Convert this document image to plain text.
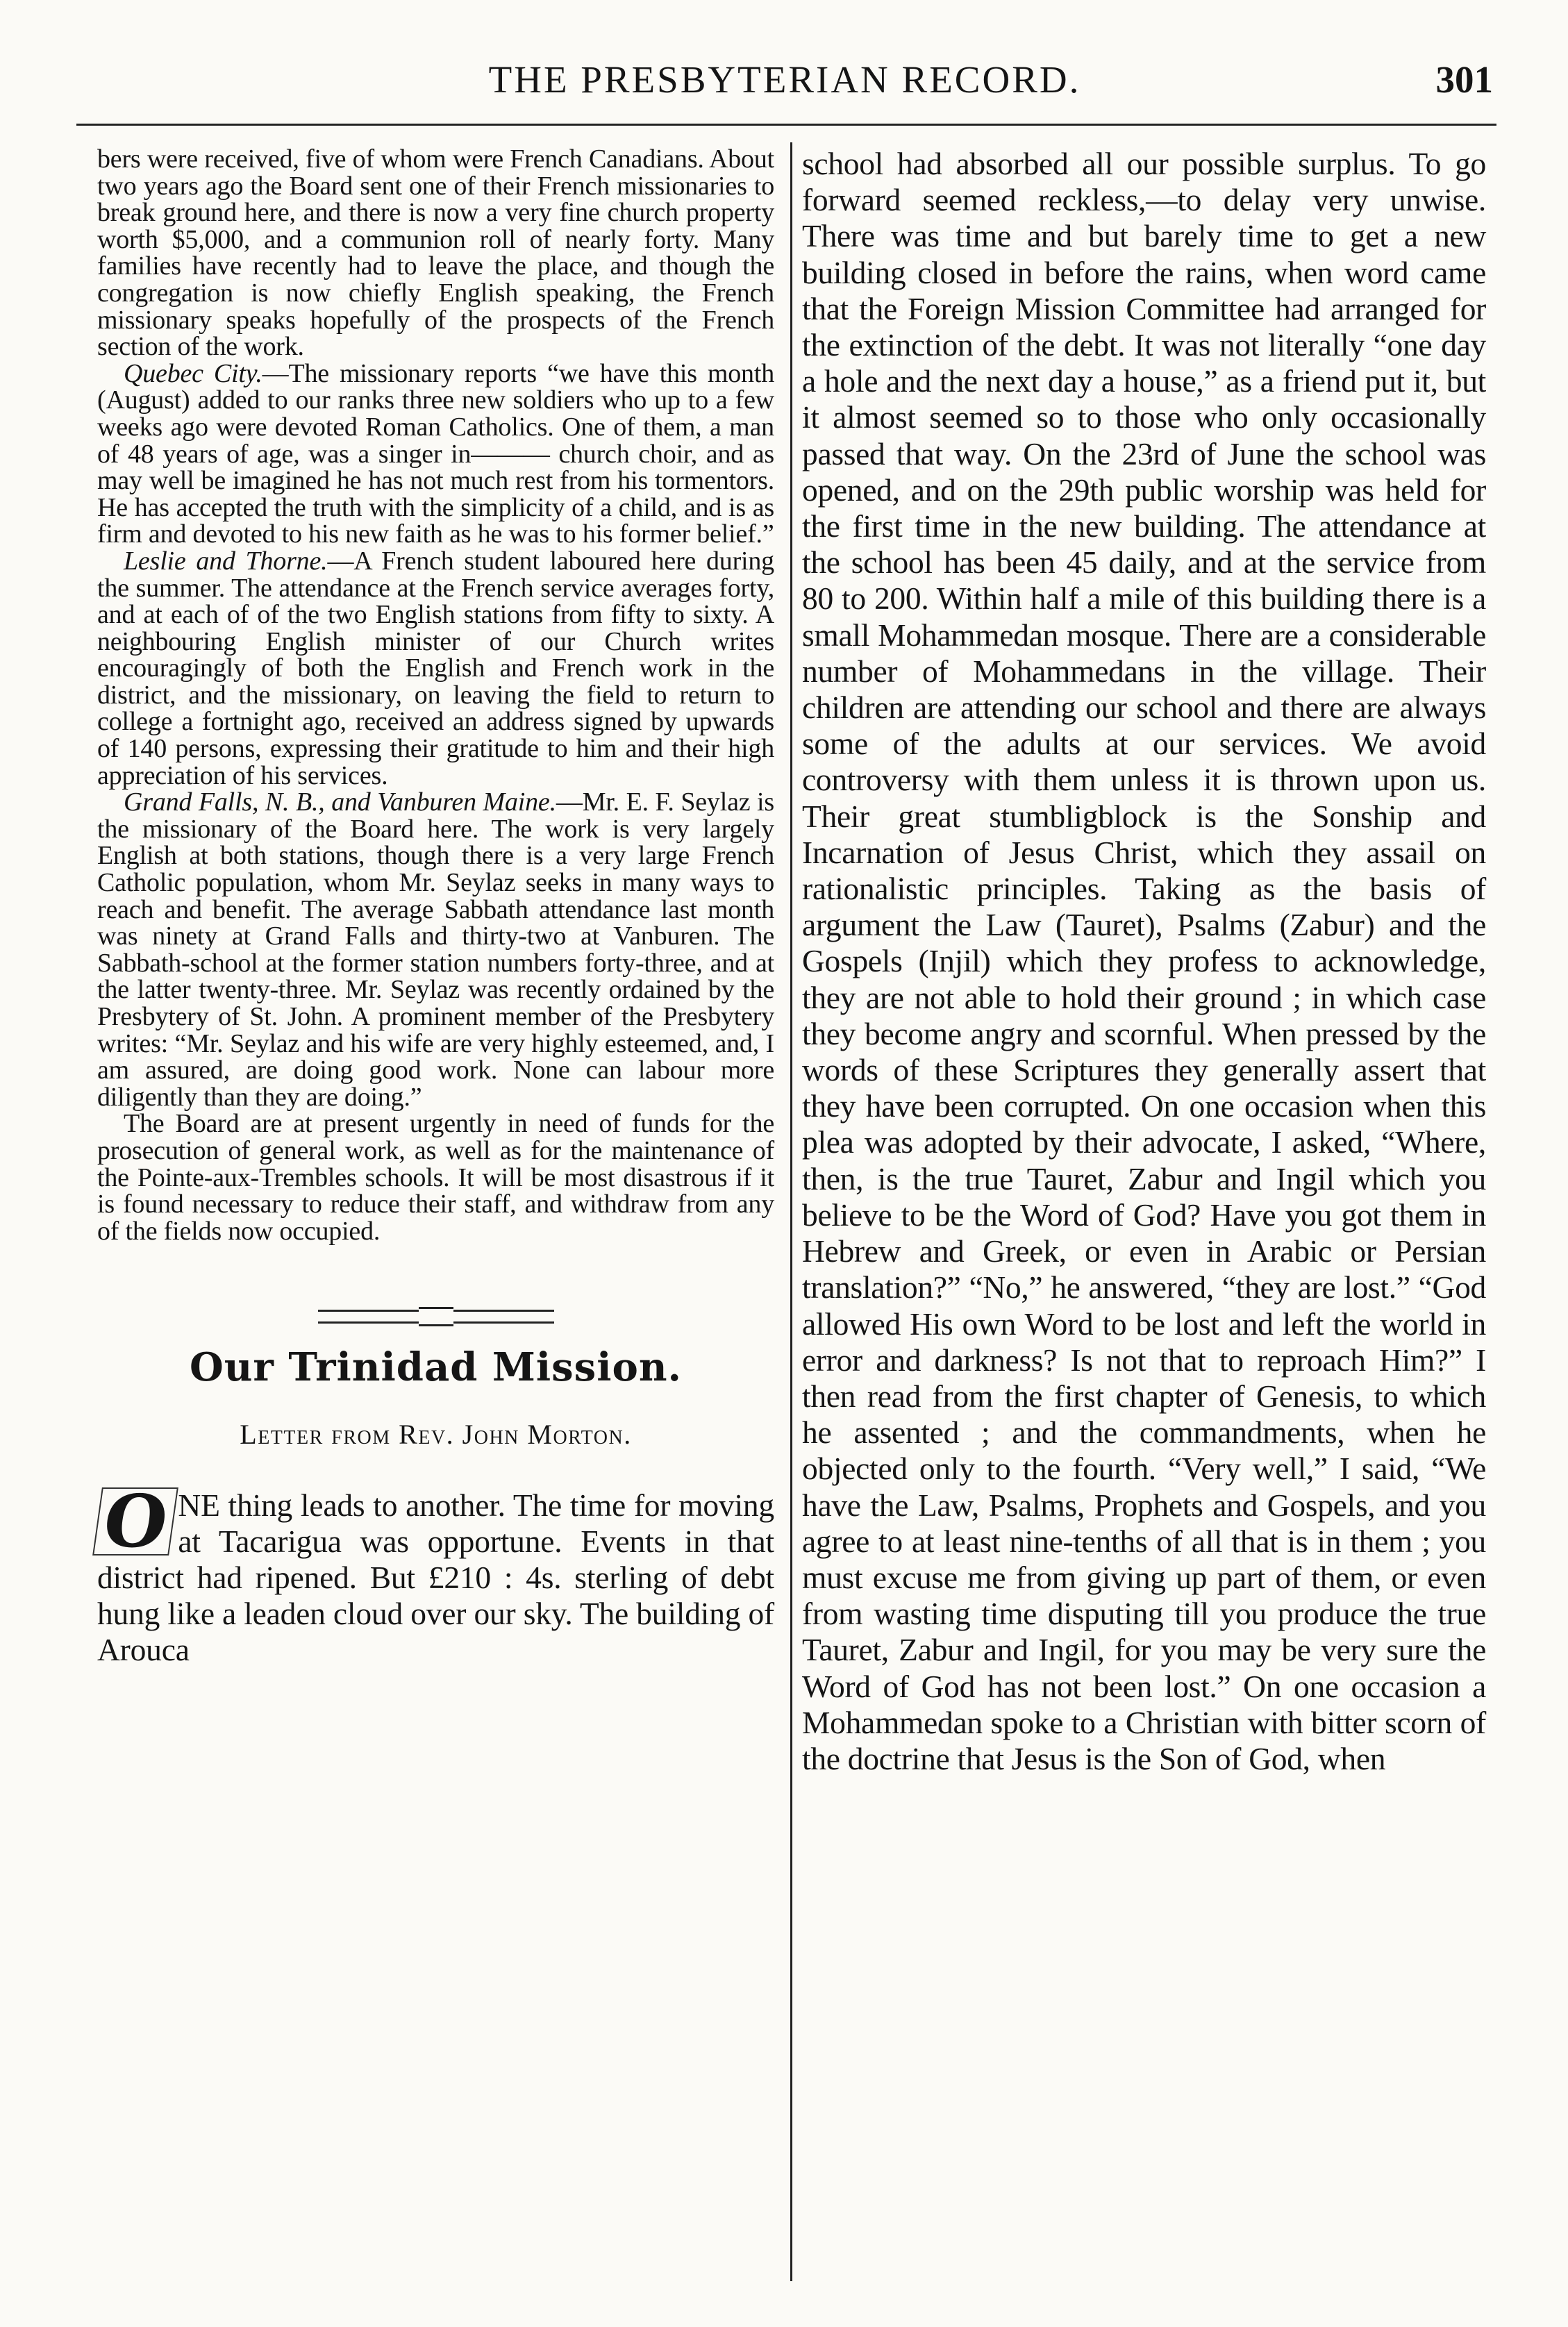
THE PRESBYTERIAN RECORD.	301

bers were received, five of whom were French Canadians. About two years ago the Board sent one of their French missionaries to break ground here, and there is now a very fine church property worth $5,000, and a communion roll of nearly forty. Many families have recently had to leave the place, and though the congregation is now chiefly English speaking, the French missionary speaks hopefully of the prospects of the French section of the work.

Quebec City.—The missionary reports “we have this month (August) added to our ranks three new soldiers who up to a few weeks ago were devoted Roman Catholics. One of them, a man of 48 years of age, was a singer in——— church choir, and as may well be imagined he has not much rest from his tormentors. He has accepted the truth with the simplicity of a child, and is as firm and devoted to his new faith as he was to his former belief.”

Leslie and Thorne.—A French student laboured here during the summer. The attendance at the French service averages forty, and at each of of the two English stations from fifty to sixty. A neighbouring English minister of our Church writes encouragingly of both the English and French work in the district, and the missionary, on leaving the field to return to college a fortnight ago, received an address signed by upwards of 140 persons, expressing their gratitude to him and their high appreciation of his services.

Grand Falls, N. B., and Vanburen Maine.—Mr. E. F. Seylaz is the missionary of the Board here. The work is very largely English at both stations, though there is a very large French Catholic population, whom Mr. Seylaz seeks in many ways to reach and benefit. The average Sabbath attendance last month was ninety at Grand Falls and thirty-two at Vanburen. The Sabbath-school at the former station numbers forty-three, and at the latter twenty-three. Mr. Seylaz was recently ordained by the Presbytery of St. John. A prominent member of the Presbytery writes: “Mr. Seylaz and his wife are very highly esteemed, and, I am assured, are doing good work. None can labour more diligently than they are doing.”

The Board are at present urgently in need of funds for the prosecution of general work, as well as for the maintenance of the Pointe-aux-Trembles schools. It will be most disastrous if it is found necessary to reduce their staff, and withdraw from any of the fields now occupied.

Our Trinidad Mission.
Letter from Rev. John Morton.
O NE thing leads to another. The time for moving at Tacarigua was opportune. Events in that district had ripened. But £210 : 4s. sterling of debt hung like a leaden cloud over our sky. The building of Arouca

school had absorbed all our possible surplus. To go forward seemed reckless,—to delay very unwise. There was time and but barely time to get a new building closed in before the rains, when word came that the Foreign Mission Committee had arranged for the extinction of the debt. It was not literally “one day a hole and the next day a house,” as a friend put it, but it almost seemed so to those who only occasionally passed that way. On the 23rd of June the school was opened, and on the 29th public worship was held for the first time in the new building. The attendance at the school has been 45 daily, and at the service from 80 to 200. Within half a mile of this building there is a small Mohammedan mosque. There are a considerable number of Mohammedans in the village. Their children are attending our school and there are always some of the adults at our services. We avoid controversy with them unless it is thrown upon us. Their great stumbligblock is the Sonship and Incarnation of Jesus Christ, which they assail on rationalistic principles. Taking as the basis of argument the Law (Tauret), Psalms (Zabur) and the Gospels (Injil) which they profess to acknowledge, they are not able to hold their ground ; in which case they become angry and scornful. When pressed by the words of these Scriptures they generally assert that they have been corrupted. On one occasion when this plea was adopted by their advocate, I asked, “Where, then, is the true Tauret, Zabur and Ingil which you believe to be the Word of God? Have you got them in Hebrew and Greek, or even in Arabic or Persian translation?” “No,” he answered, “they are lost.” “God allowed His own Word to be lost and left the world in error and darkness? Is not that to reproach Him?” I then read from the first chapter of Genesis, to which he assented ; and the commandments, when he objected only to the fourth. “Very well,” I said, “We have the Law, Psalms, Prophets and Gospels, and you agree to at least nine-tenths of all that is in them ; you must excuse me from giving up part of them, or even from wasting time disputing till you produce the true Tauret, Zabur and Ingil, for you may be very sure the Word of God has not been lost.” On one occasion a Mohammedan spoke to a Christian with bitter scorn of the doctrine that Jesus is the Son of God, when
